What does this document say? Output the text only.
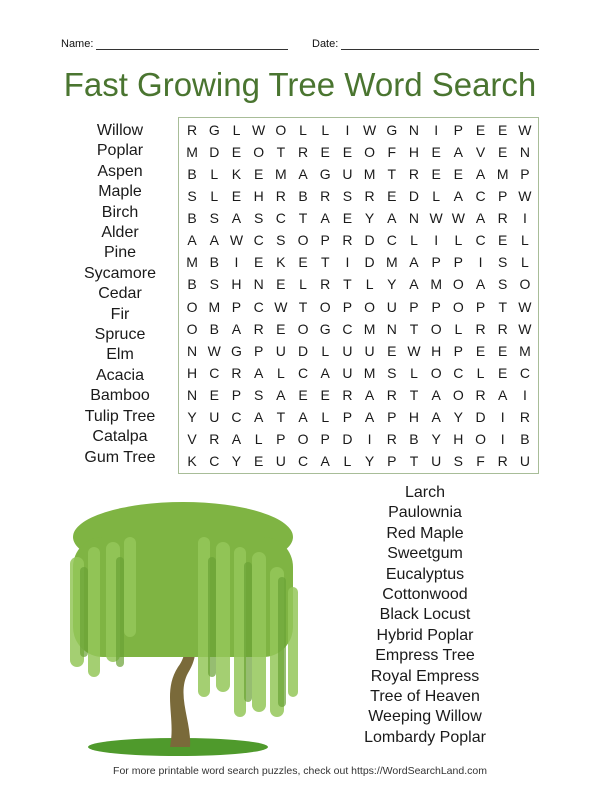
Name:	Date:
Fast Growing Tree Word Search
Willow
Poplar
Aspen
Maple
Birch
Alder
Pine
Sycamore
Cedar
Fir
Spruce
Elm
Acacia
Bamboo
Tulip Tree
Catalpa
Gum Tree
R G L W O L	L	I W G N	I	P E E W
M D E O T R E E O F H E A V E N
B L K E M A G U M T R E E A M P
S L E H R B R S R E D L A C P W
B S A S C T A E Y A N W W A R	I
A A W C S O P R D C L	I	L C E L
M B	I	E K E T	I	D M A P P	I	S L
B S H N E L R T	L Y A M O A S O
O M P C W T O P O U P P O P T W
O B A R E O G C M N T O L R R W
N W G P U D L U U E W H P E E M
H C R A L C A U M S L O C L E C
N E P S A E E R A R T A O R A	I
Y U C A T A L P A P H A Y D	I	R
V R A L P O P D	I	R B Y H O	I	B
K C Y E U C A L Y P T U S F R U
Larch
Paulownia
Red Maple
Sweetgum
Eucalyptus
Cottonwood
Black Locust
Hybrid Poplar
Empress Tree
Royal Empress
Tree of Heaven
Weeping Willow
Lombardy Poplar
For more printable word search puzzles, check out https://WordSearchLand.com
